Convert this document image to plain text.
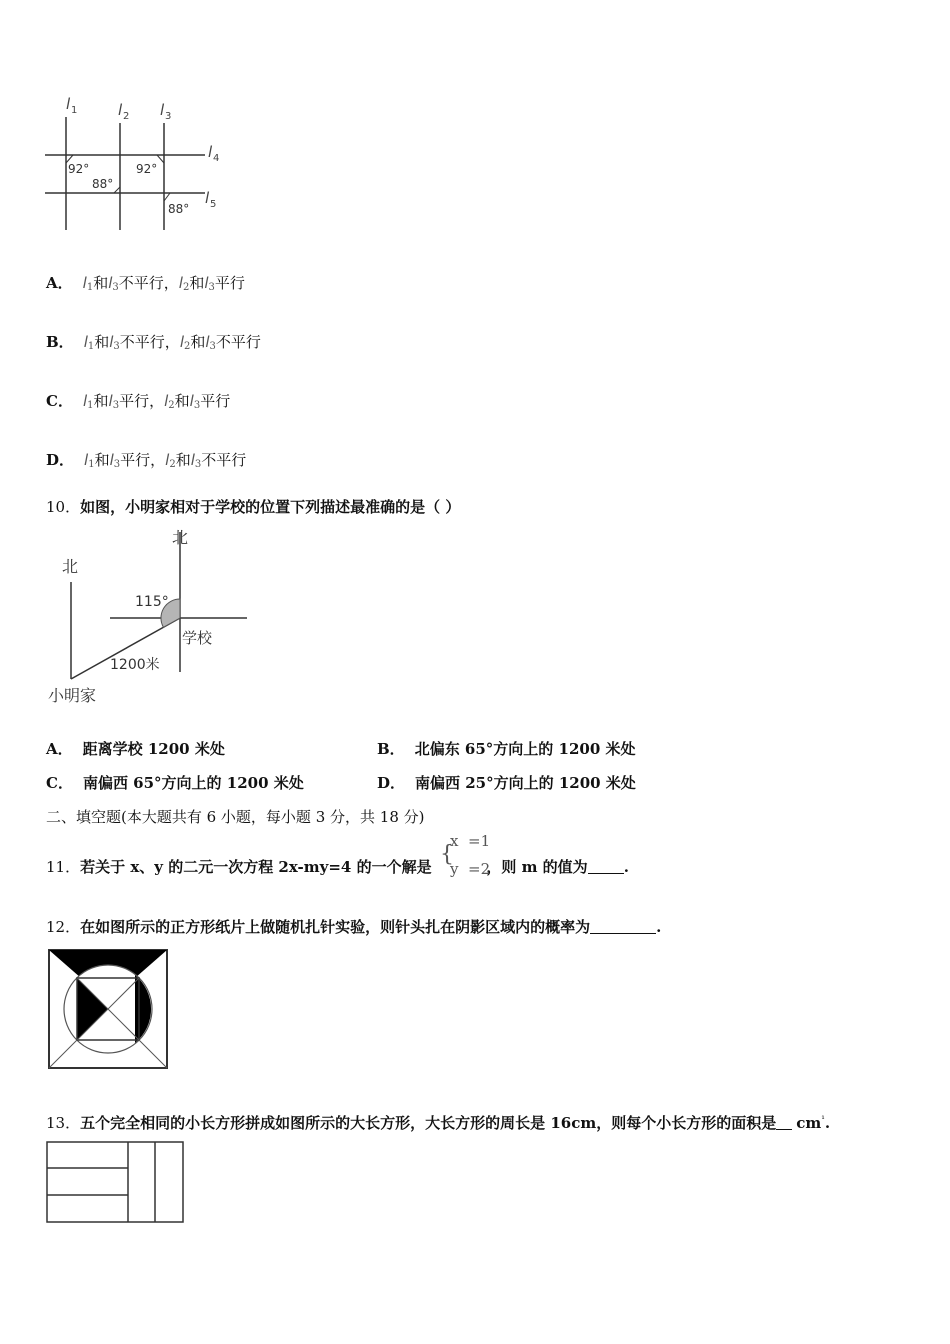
l 1	l 2 l 3
l 4
l 5
92°
88°
92°
88°
A． $l_1$和$l_3$不平行，$l_2$和$l_3$平行
B． $l_1$和$l_3$不平行，$l_2$和$l_3$不平行
C． $l_1$和$l_3$平行，$l_2$和$l_3$平行
D． $l_1$和$l_3$平行，$l_2$和$l_3$不平行
10．如图，小明家相对于学校的位置下列描述最准确的是（ ）
北
北
115°
学校
1200米
小明家
A． 距离学校 1200 米处	B． 北偏东 65°方向上的 1200 米处
C． 南偏西 65°方向上的 1200 米处	D． 南偏西 25°方向上的 1200 米处
二、填空题(本大题共有 6 小题，每小题 3 分，共 18 分)
11．若关于 x、y 的二元一次方程 2x-my=4 的一个解是	，则 m 的值为 .
{
x  =1
y  =2
12．在如图所示的正方形纸片上做随机扎针实验，则针头扎在阴影区域内的概率为	.
13．五个完全相同的小长方形拼成如图所示的大长方形，大长方形的周长是 16cm，则每个小长方形的面积是 $cm^{^1}$.
